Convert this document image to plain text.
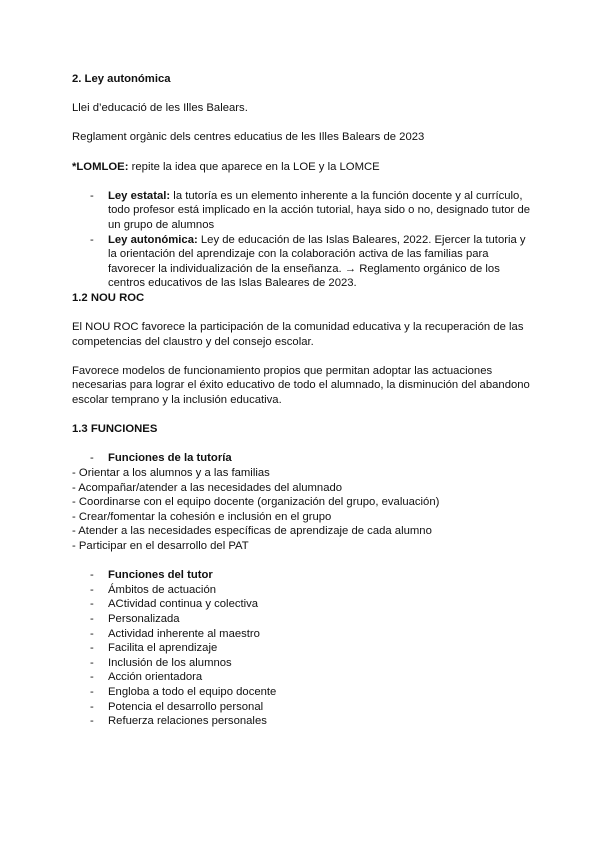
2. Ley autonómica

Llei d’educació de les Illes Balears.

Reglament orgànic dels centres educatius de les Illes Balears de 2023

*LOMLOE: repite la idea que aparece en la LOE y la LOMCE

- Ley estatal: la tutoría es un elemento inherente a la función docente y al currículo, todo profesor está implicado en la acción tutorial, haya sido o no, designado tutor de un grupo de alumnos
- Ley autonómica: Ley de educación de las Islas Baleares, 2022. Ejercer la tutoria y la orientación del aprendizaje con la colaboración activa de las familias para favorecer la individualización de la enseñanza. → Reglamento orgánico de los centros educativos de las Islas Baleares de 2023.

1.2 NOU ROC

El NOU ROC favorece la participación de la comunidad educativa y la recuperación de las competencias del claustro y del consejo escolar.

Favorece modelos de funcionamiento propios que permitan adoptar las actuaciones necesarias para lograr el éxito educativo de todo el alumnado, la disminución del abandono escolar temprano y la inclusión educativa.

1.3 FUNCIONES

- Funciones de la tutoría

- Orientar a los alumnos y a las familias

- Acompañar/atender a las necesidades del alumnado

- Coordinarse con el equipo docente (organización del grupo, evaluación)

- Crear/fomentar la cohesión e inclusión en el grupo

- Atender a las necesidades específicas de aprendizaje de cada alumno

- Participar en el desarrollo del PAT

- Funciones del tutor
- Ámbitos de actuación
- ACtividad continua y colectiva
- Personalizada
- Actividad inherente al maestro
- Facilita el aprendizaje
- Inclusión de los alumnos
- Acción orientadora
- Engloba a todo el equipo docente
- Potencia el desarrollo personal
- Refuerza relaciones personales
